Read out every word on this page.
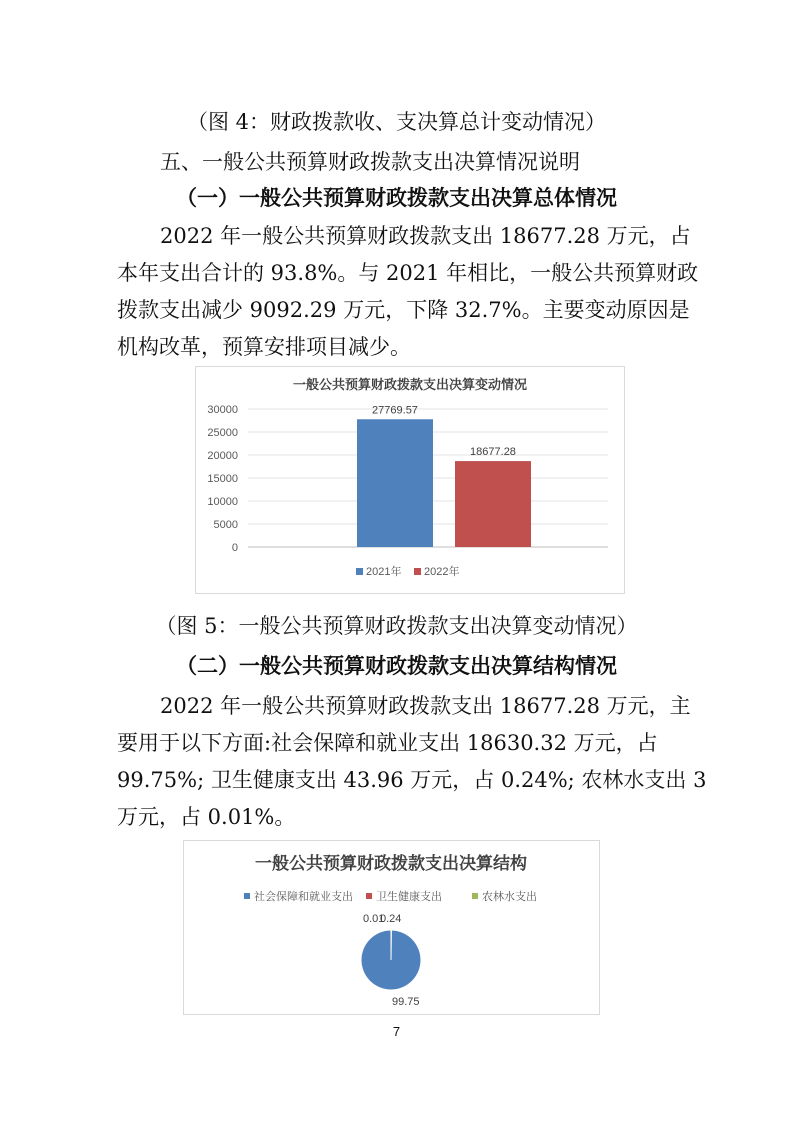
（图 4：财政拨款收、支决算总计变动情况）
五、一般公共预算财政拨款支出决算情况说明
（一）一般公共预算财政拨款支出决算总体情况
2022 年一般公共预算财政拨款支出 18677.28 万元，占
本年支出合计的 93.8%。与 2021 年相比，一般公共预算财政
拨款支出减少 9092.29 万元，下降 32.7%。主要变动原因是
机构改革，预算安排项目减少。
一般公共预算财政拨款支出决算变动情况
0
5000
10000
15000
20000
25000
30000	27769.57
18677.28
2021年 2022年
（图 5：一般公共预算财政拨款支出决算变动情况）
（二）一般公共预算财政拨款支出决算结构情况
2022 年一般公共预算财政拨款支出 18677.28 万元，主
要用于以下方面:社会保障和就业支出 18630.32 万元，占
99.75%; 卫生健康支出 43.96 万元，占 0.24%; 农林水支出 3
万元，占 0.01%。
一般公共预算财政拨款支出决算结构
社会保障和就业支出 卫生健康支出	农林水支出
0.01
0.24
99.75
7
